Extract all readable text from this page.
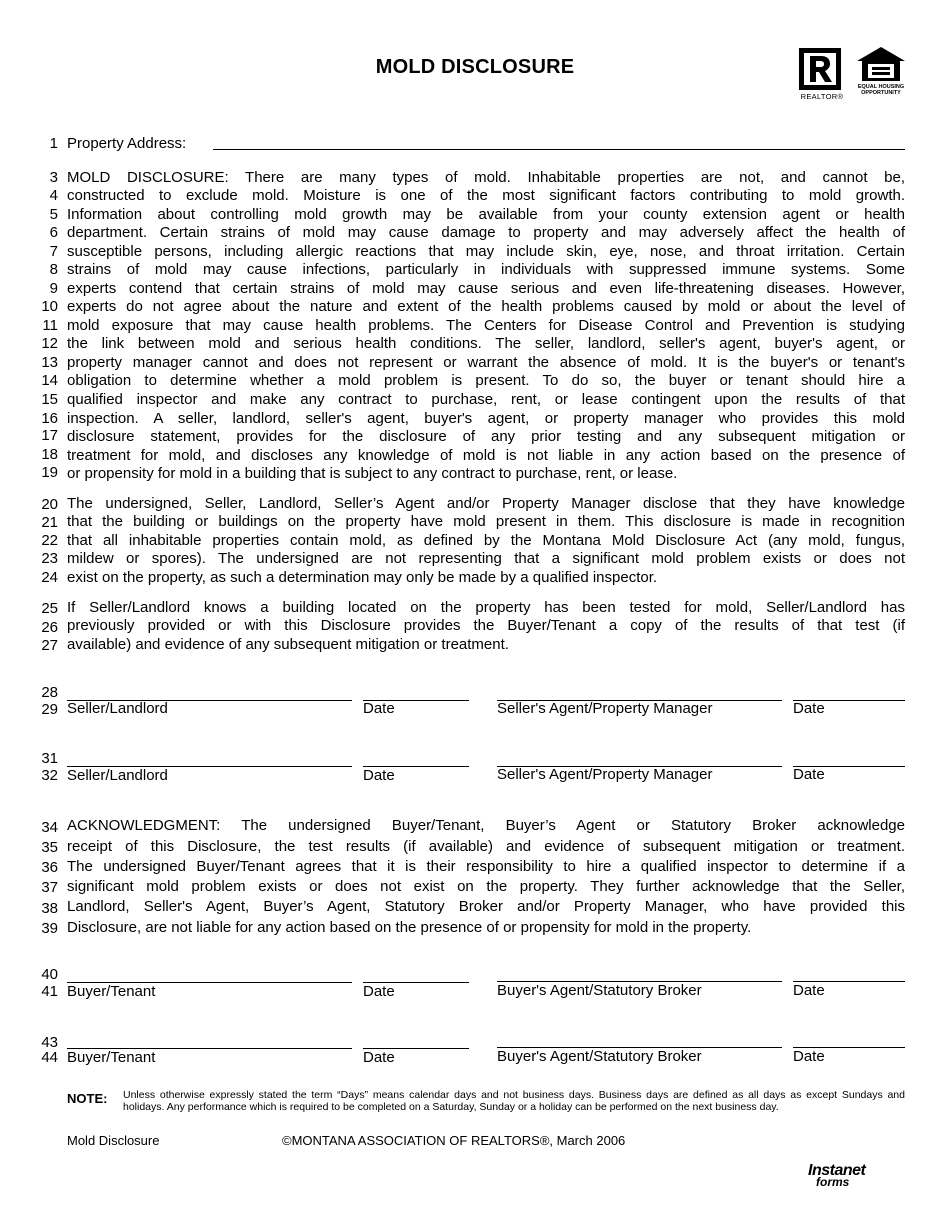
MOLD DISCLOSURE
REALTOR®
EQUAL HOUSING
OPPORTUNITY
1 Property Address:
3
4
5
6
7
8
9
10
11
12
13
14
15
16
17
18
19
MOLD DISCLOSURE: There are many types of mold. Inhabitable properties are not, and cannot be,
constructed to exclude mold. Moisture is one of the most significant factors contributing to mold growth.
Information about controlling mold growth may be available from your county extension agent or health
department. Certain strains of mold may cause damage to property and may adversely affect the health of
susceptible persons, including allergic reactions that may include skin, eye, nose, and throat irritation. Certain
strains of mold may cause infections, particularly in individuals with suppressed immune systems. Some
experts contend that certain strains of mold may cause serious and even life-threatening diseases. However,
experts do not agree about the nature and extent of the health problems caused by mold or about the level of
mold exposure that may cause health problems. The Centers for Disease Control and Prevention is studying
the link between mold and serious health conditions. The seller, landlord, seller's agent, buyer's agent, or
property manager cannot and does not represent or warrant the absence of mold. It is the buyer's or tenant's
obligation to determine whether a mold problem is present. To do so, the buyer or tenant should hire a
qualified inspector and make any contract to purchase, rent, or lease contingent upon the results of that
inspection. A seller, landlord, seller's agent, buyer's agent, or property manager who provides this mold
disclosure statement, provides for the disclosure of any prior testing and any subsequent mitigation or
treatment for mold, and discloses any knowledge of mold is not liable in any action based on the presence of
or propensity for mold in a building that is subject to any contract to purchase, rent, or lease.
20
21
22
23
24
The undersigned, Seller, Landlord, Seller’s Agent and/or Property Manager disclose that they have knowledge
that the building or buildings on the property have mold present in them. This disclosure is made in recognition
that all inhabitable properties contain mold, as defined by the Montana Mold Disclosure Act (any mold, fungus,
mildew or spores). The undersigned are not representing that a significant mold problem exists or does not
exist on the property, as such a determination may only be made by a qualified inspector.
25
26
27
If Seller/Landlord knows a building located on the property has been tested for mold, Seller/Landlord has
previously provided or with this Disclosure provides the Buyer/Tenant a copy of the results of that test (if
available) and evidence of any subsequent mitigation or treatment.
28
29 Seller/Landlord	Date	Seller's Agent/Property Manager	Date
31
32 Seller/Landlord	Date	Seller's Agent/Property Manager	Date
34
35
36
37
38
39
ACKNOWLEDGMENT: The undersigned Buyer/Tenant, Buyer’s Agent or Statutory Broker acknowledge
receipt of this Disclosure, the test results (if available) and evidence of subsequent mitigation or treatment.
The undersigned Buyer/Tenant agrees that it is their responsibility to hire a qualified inspector to determine if a
significant mold problem exists or does not exist on the property. They further acknowledge that the Seller,
Landlord, Seller's Agent, Buyer’s Agent, Statutory Broker and/or Property Manager, who have provided this
Disclosure, are not liable for any action based on the presence of or propensity for mold in the property.
40
41 Buyer/Tenant	Date	Buyer's Agent/Statutory Broker	Date
43
44 Buyer/Tenant	Date	Buyer's Agent/Statutory Broker	Date
NOTE: Unless otherwise expressly stated the term “Days” means calendar days and not business days. Business days are defined as all days as except Sundays and holidays. Any performance which is required to be completed on a Saturday, Sunday or a holiday can be performed on the next business day.
Mold Disclosure	©MONTANA ASSOCIATION OF REALTORS®, March 2006
Instanet
forms
